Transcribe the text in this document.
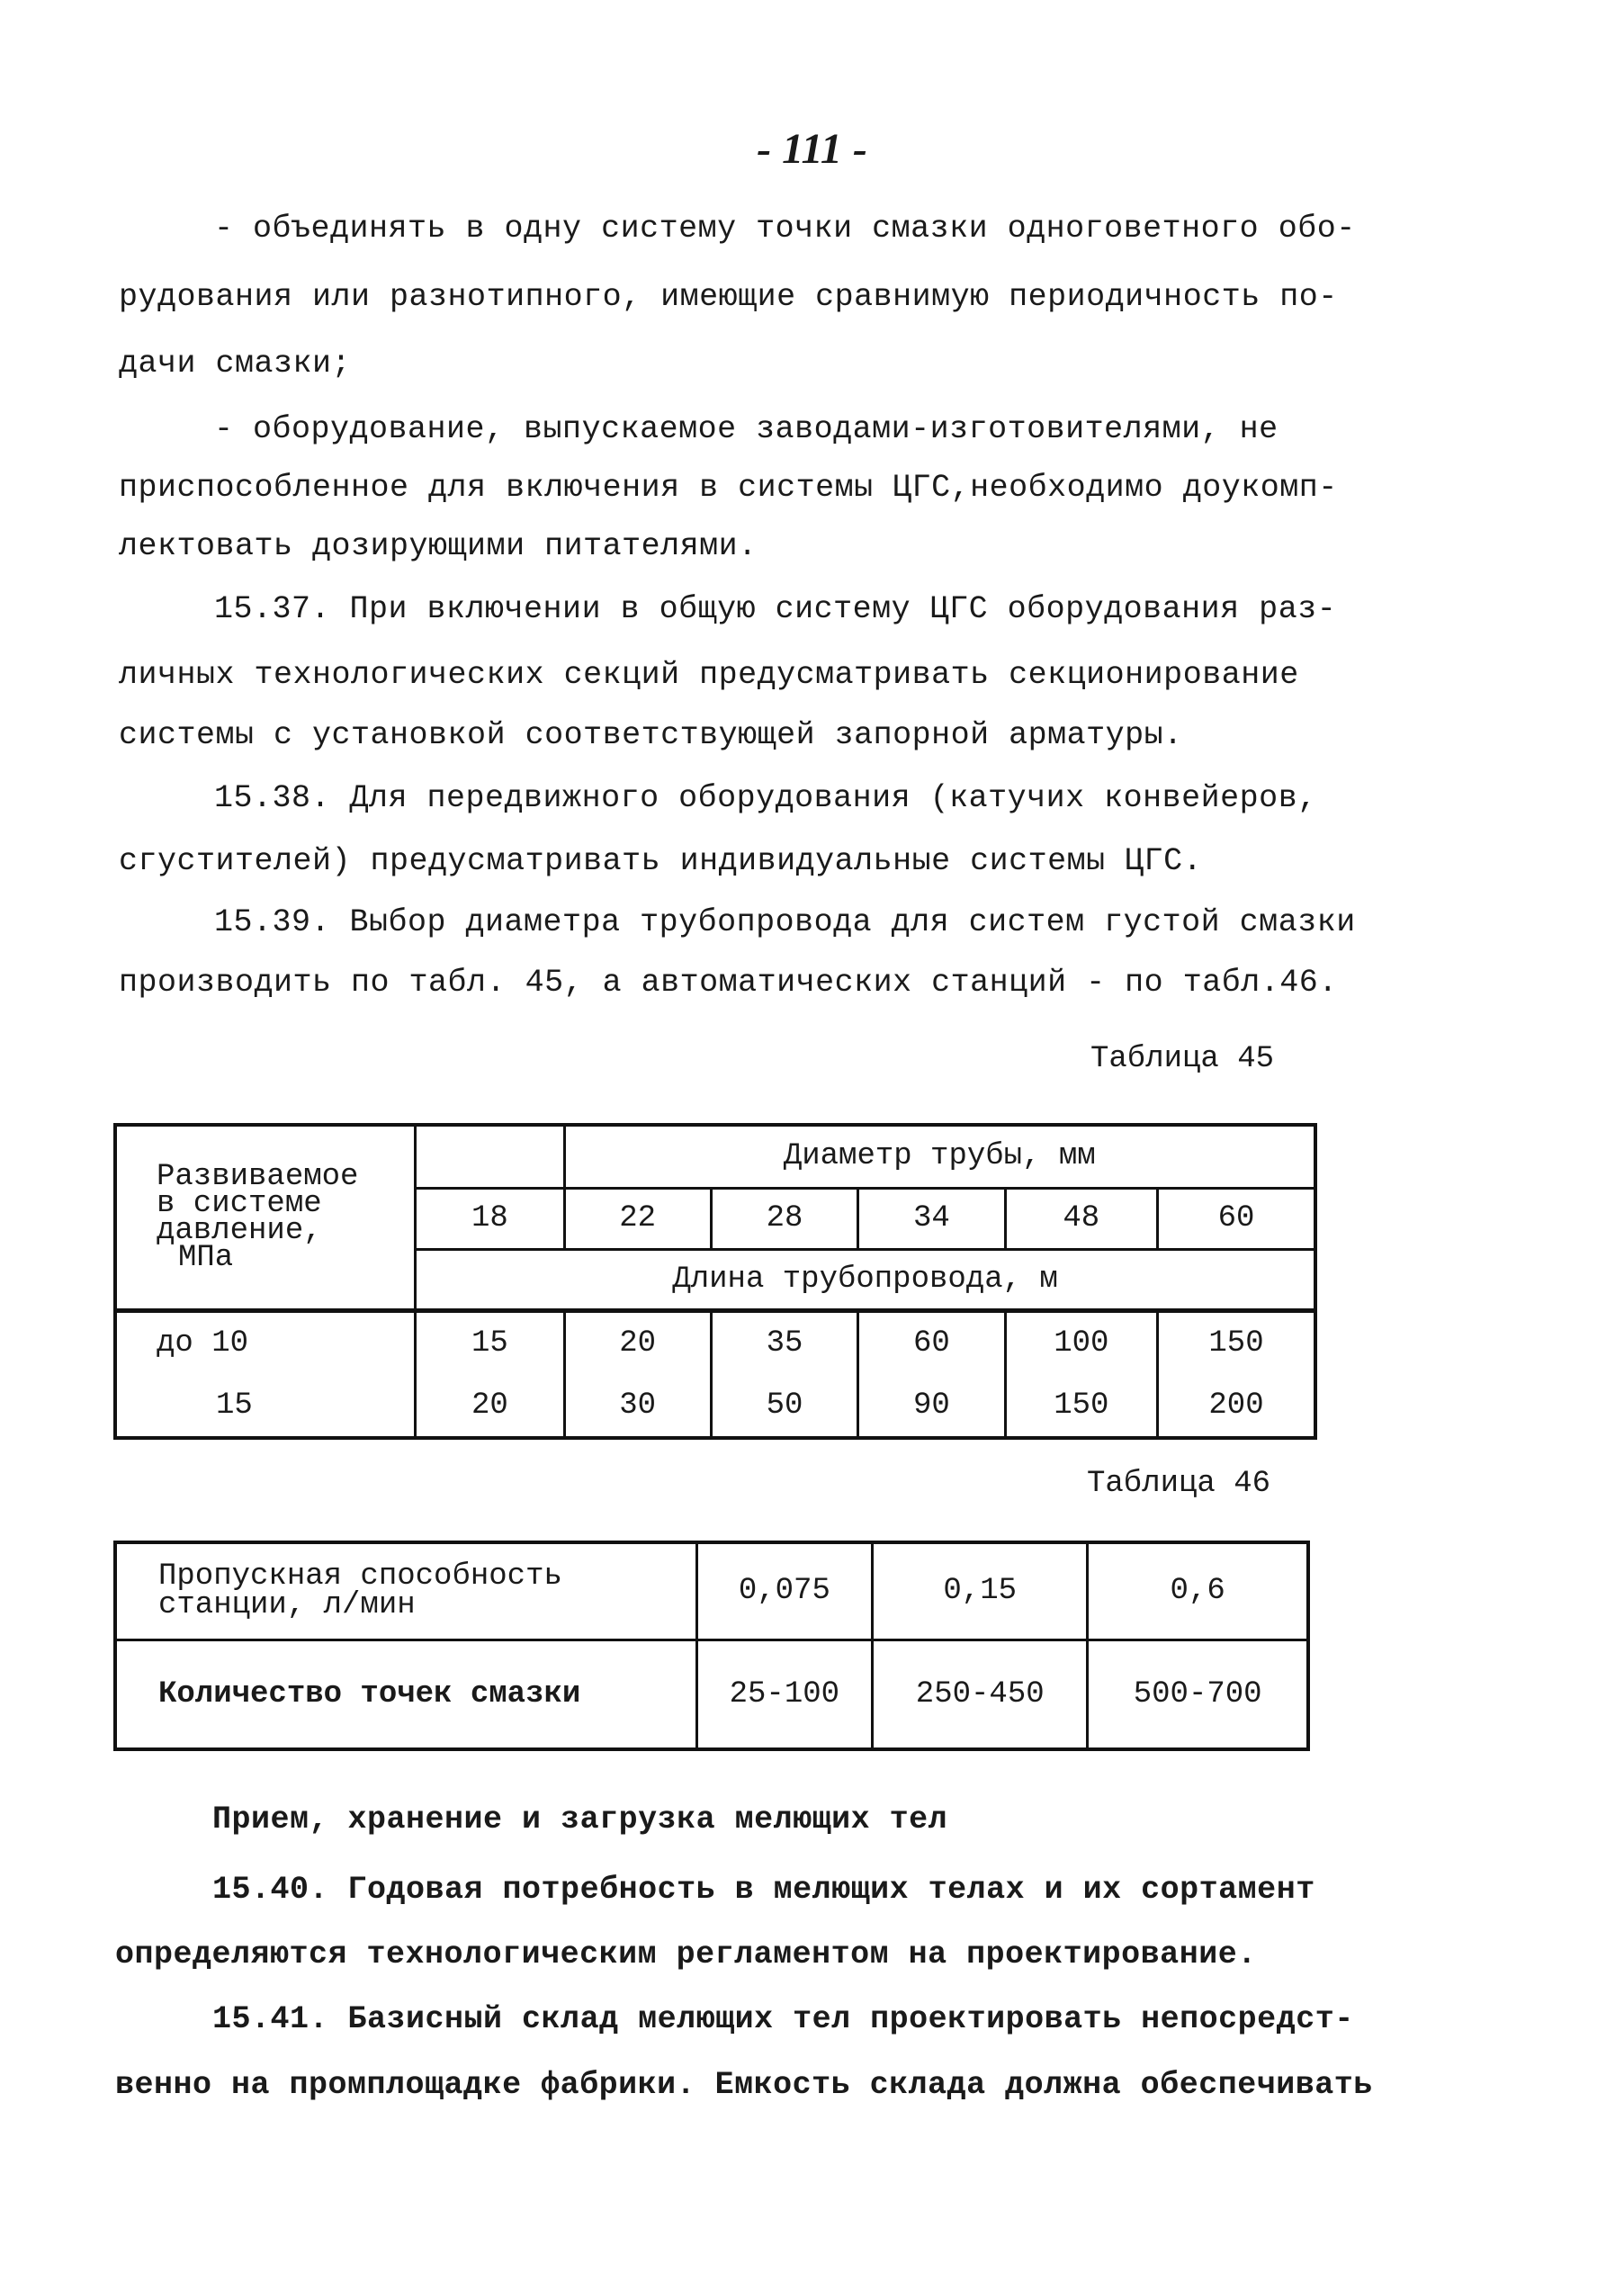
- 111 -
- объединять в одну систему точки смазки одноговетного обо-
рудования или разнотипного, имеющие сравнимую периодичность по-
дачи смазки;
- оборудование, выпускаемое заводами-изготовителями, не
приспособленное для включения в системы ЦГС,необходимо доукомп-
лектовать дозирующими питателями.
15.37. При включении в общую систему ЦГС оборудования раз-
личных технологических секций предусматривать секционирование
системы с установкой соответствующей запорной арматуры.
15.38. Для передвижного оборудования (катучих конвейеров,
сгустителей) предусматривать индивидуальные системы ЦГС.
15.39. Выбор диаметра трубопровода для систем густой смазки
производить по табл. 45, а автоматических станций - по табл.46.
Таблица 45
Развиваемое
в системе
давление,
МПа		Диаметр трубы, мм				
	18	22	28	34	48	60
	Длина трубопровода, м					
до 10	15	20	35	60	100	150
15	20	30	50	90	150	200
Таблица 46
Пропускная способность
станции, л/мин	0,075	0,15	0,6
Количество точек смазки	25-100	250-450	500-700
Прием, хранение и загрузка мелющих тел
15.40. Годовая потребность в мелющих телах и их сортамент
определяются технологическим регламентом на проектирование.
15.41. Базисный склад мелющих тел проектировать непосредст-
венно на промплощадке фабрики. Емкость склада должна обеспечивать
